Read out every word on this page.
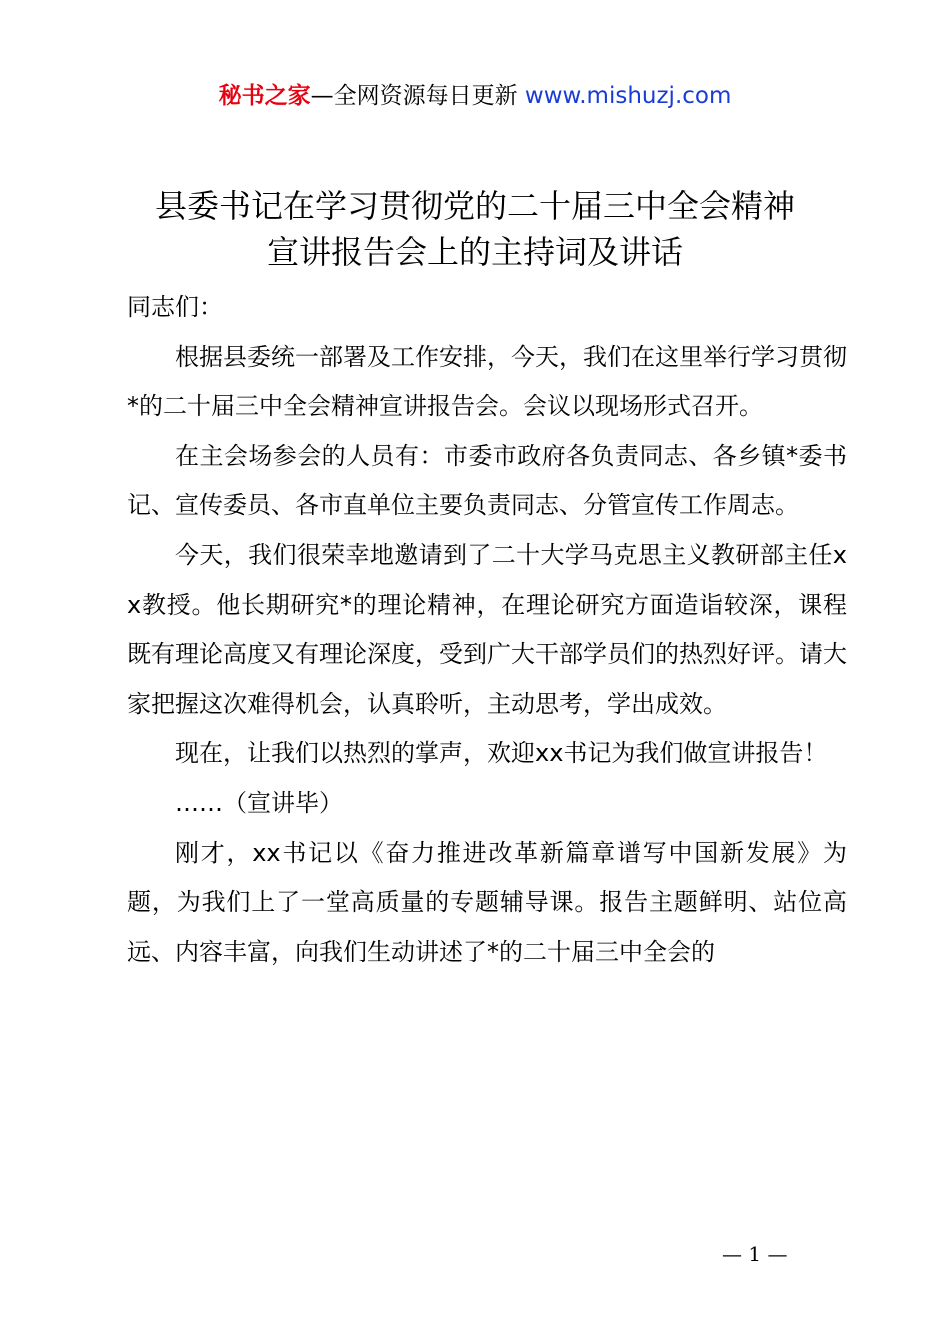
秘书之家—全网资源每日更新 www.mishuzj.com
县委书记在学习贯彻党的二十届三中全会精神
宣讲报告会上的主持词及讲话

同志们：

根据县委统一部署及工作安排，今天，我们在这里举行学习贯彻*的二十届三中全会精神宣讲报告会。会议以现场形式召开。

在主会场参会的人员有：市委市政府各负责同志、各乡镇*委书记、宣传委员、各市直单位主要负责同志、分管宣传工作周志。

今天，我们很荣幸地邀请到了二十大学马克思主义教研部主任xx教授。他长期研究*的理论精神，在理论研究方面造诣较深，课程既有理论高度又有理论深度，受到广大干部学员们的热烈好评。请大家把握这次难得机会，认真聆听，主动思考，学出成效。

现在，让我们以热烈的掌声，欢迎xx书记为我们做宣讲报告！

……（宣讲毕）

刚才，xx书记以《奋力推进改革新篇章谱写中国新发展》为题，为我们上了一堂高质量的专题辅导课。报告主题鲜明、站位高远、内容丰富，向我们生动讲述了*的二十届三中全会的

— 1 —
